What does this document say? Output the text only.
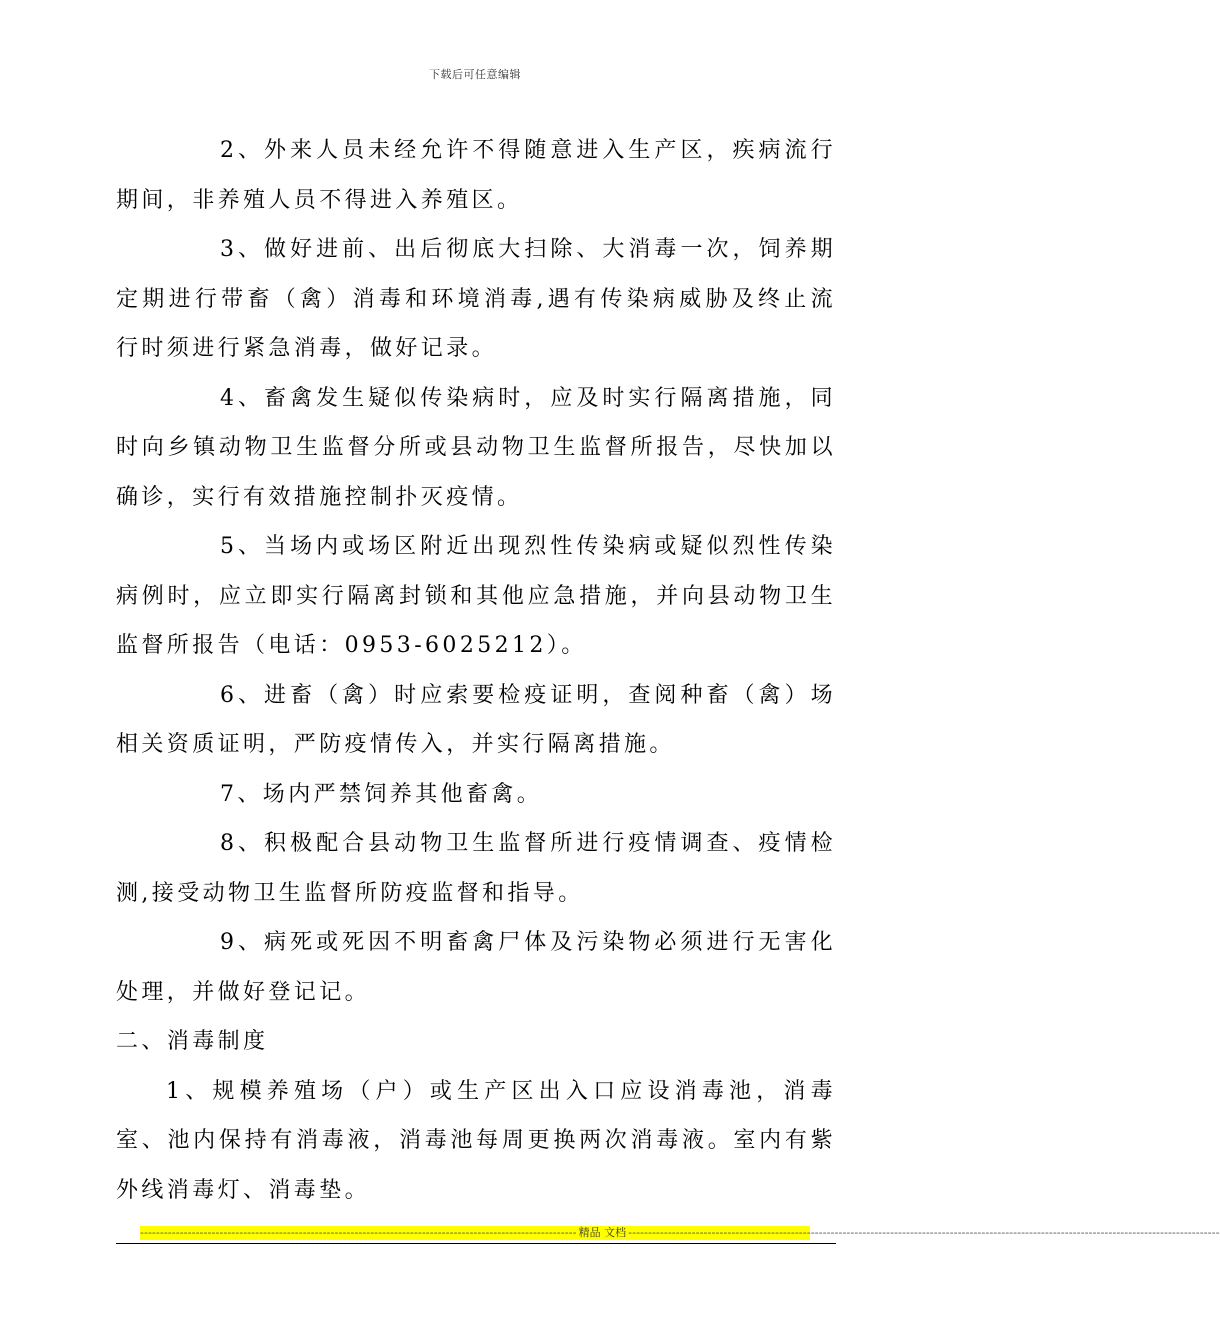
下载后可任意编辑

2、外来人员未经允许不得随意进入生产区，疾病流行期间，非养殖人员不得进入养殖区。

3、做好进前、出后彻底大扫除、大消毒一次，饲养期定期进行带畜（禽）消毒和环境消毒,遇有传染病威胁及终止流行时须进行紧急消毒，做好记录。

4、畜禽发生疑似传染病时，应及时实行隔离措施，同时向乡镇动物卫生监督分所或县动物卫生监督所报告，尽快加以确诊，实行有效措施控制扑灭疫情。

5、当场内或场区附近出现烈性传染病或疑似烈性传染病例时，应立即实行隔离封锁和其他应急措施，并向县动物卫生监督所报告（电话：0953-6025212）。

6、进畜（禽）时应索要检疫证明，查阅种畜（禽）场相关资质证明，严防疫情传入，并实行隔离措施。

7、场内严禁饲养其他畜禽。

8、积极配合县动物卫生监督所进行疫情调查、疫情检测,接受动物卫生监督所防疫监督和指导。

9、病死或死因不明畜禽尸体及污染物必须进行无害化处理，并做好登记记。

二、消毒制度

1、规模养殖场（户）或生产区出入口应设消毒池，消毒室、池内保持有消毒液，消毒池每周更换两次消毒液。室内有紫外线消毒灯、消毒垫。

-------------------------------------------------------------------------------------------------------------- 精品 文档 -----------------------------------------------------------------------------------------------------------------------------------------------------
